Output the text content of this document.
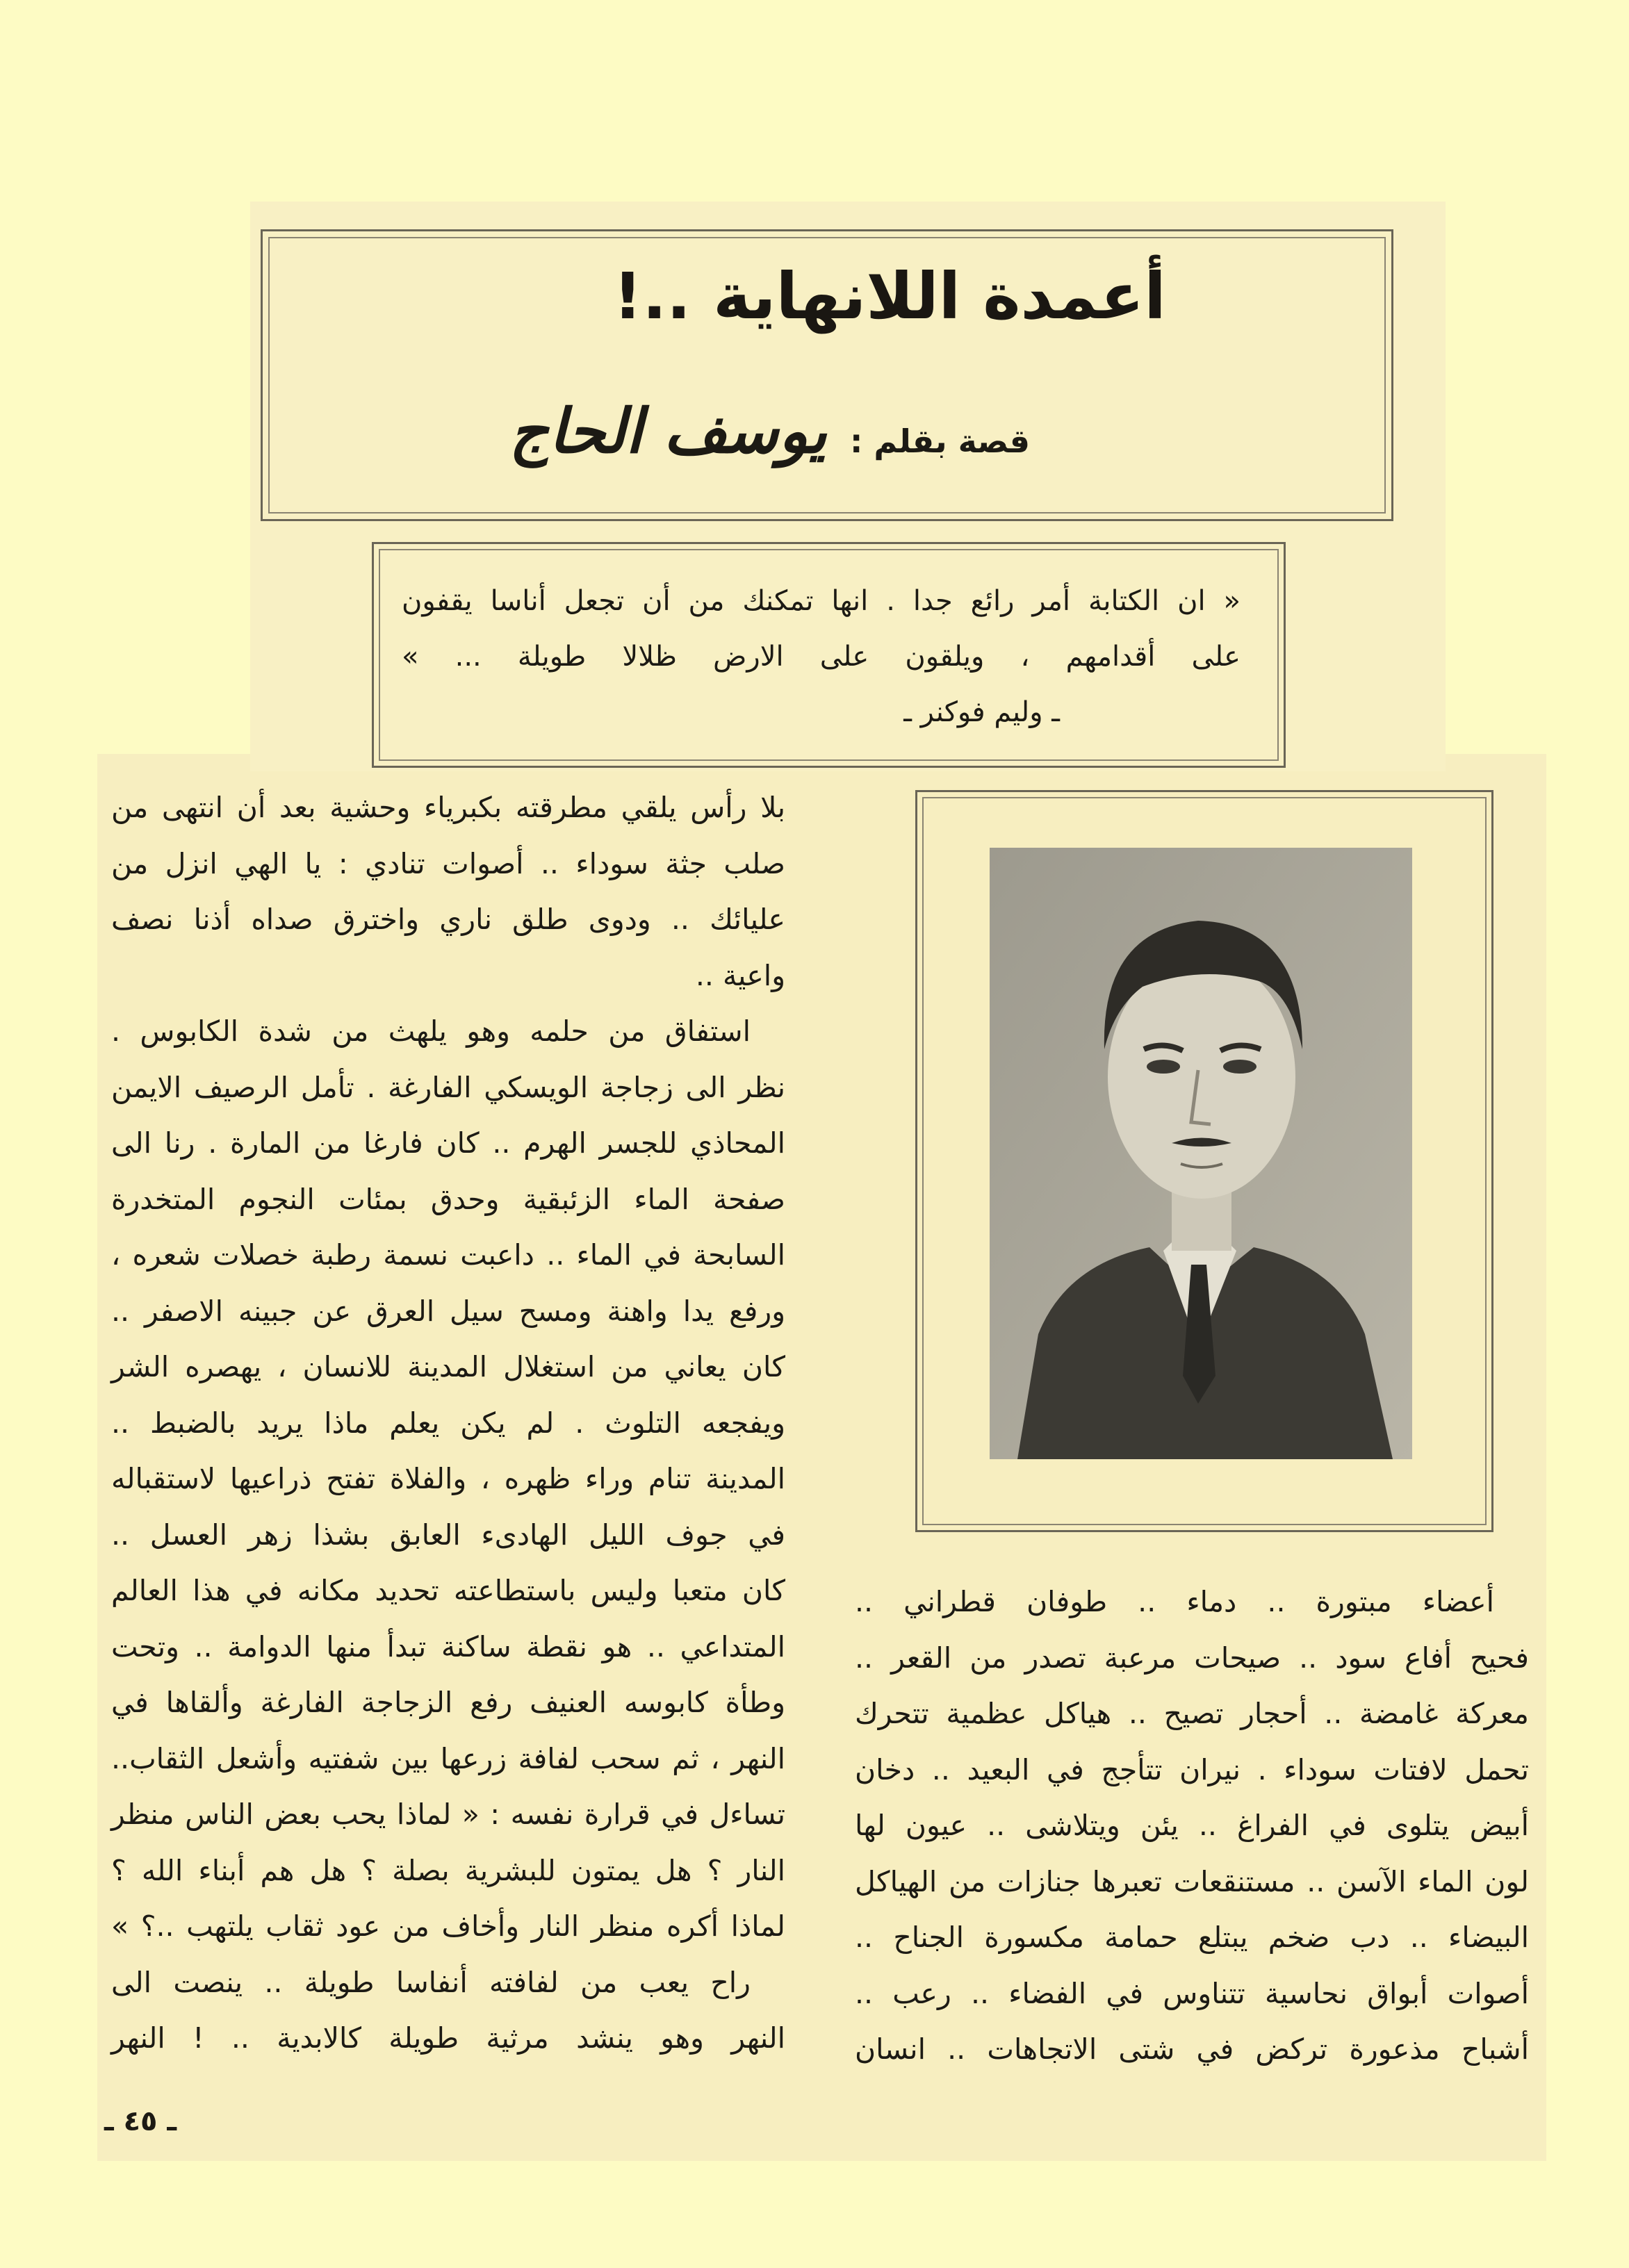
أعمدة اللانهاية ..!
قصة بقلم : يوسف الحاج
« ان الكتابة أمر رائع جدا . انها تمكنك من أن تجعل أناسا يقفون
على أقدامهم ، ويلقون على الارض ظلالا طويلة ... »
ـ وليم فوكنر ـ
بلا رأس يلقي مطرقته بكبرياء وحشية بعد أن انتهى من
صلب جثة سوداء .. أصوات تنادي : يا الهي انزل من
عليائك .. ودوى طلق ناري واخترق صداه أذنا نصف
واعية ..
استفاق من حلمه وهو يلهث من شدة الكابوس .
نظر الى زجاجة الويسكي الفارغة . تأمل الرصيف الايمن
المحاذي للجسر الهرم .. كان فارغا من المارة . رنا الى
صفحة الماء الزئبقية وحدق بمئات النجوم المتخدرة
السابحة في الماء .. داعبت نسمة رطبة خصلات شعره ،
ورفع يدا واهنة ومسح سيل العرق عن جبينه الاصفر ..
كان يعاني من استغلال المدينة للانسان ، يهصره الشر
ويفجعه التلوث . لم يكن يعلم ماذا يريد بالضبط ..
المدينة تنام وراء ظهره ، والفلاة تفتح ذراعيها لاستقباله
في جوف الليل الهادىء العابق بشذا زهر العسل ..
كان متعبا وليس باستطاعته تحديد مكانه في هذا العالم
المتداعي .. هو نقطة ساكنة تبدأ منها الدوامة .. وتحت
وطأة كابوسه العنيف رفع الزجاجة الفارغة وألقاها في
النهر ، ثم سحب لفافة زرعها بين شفتيه وأشعل الثقاب..
تساءل في قرارة نفسه : « لماذا يحب بعض الناس منظر
النار ؟ هل يمتون للبشرية بصلة ؟ هل هم أبناء الله ؟
لماذا أكره منظر النار وأخاف من عود ثقاب يلتهب ..؟ »
راح يعب من لفافته أنفاسا طويلة .. ينصت الى
النهر وهو ينشد مرثية طويلة كالابدية .. ! النهر
أعضاء مبتورة .. دماء .. طوفان قطراني ..
فحيح أفاع سود .. صيحات مرعبة تصدر من القعر ..
معركة غامضة .. أحجار تصيح .. هياكل عظمية تتحرك
تحمل لافتات سوداء . نيران تتأجج في البعيد .. دخان
أبيض يتلوى في الفراغ .. يئن ويتلاشى .. عيون لها
لون الماء الآسن .. مستنقعات تعبرها جنازات من الهياكل
البيضاء .. دب ضخم يبتلع حمامة مكسورة الجناح ..
أصوات أبواق نحاسية تتناوس في الفضاء .. رعب ..
أشباح مذعورة تركض في شتى الاتجاهات .. انسان
ـ ٤٥ ـ
